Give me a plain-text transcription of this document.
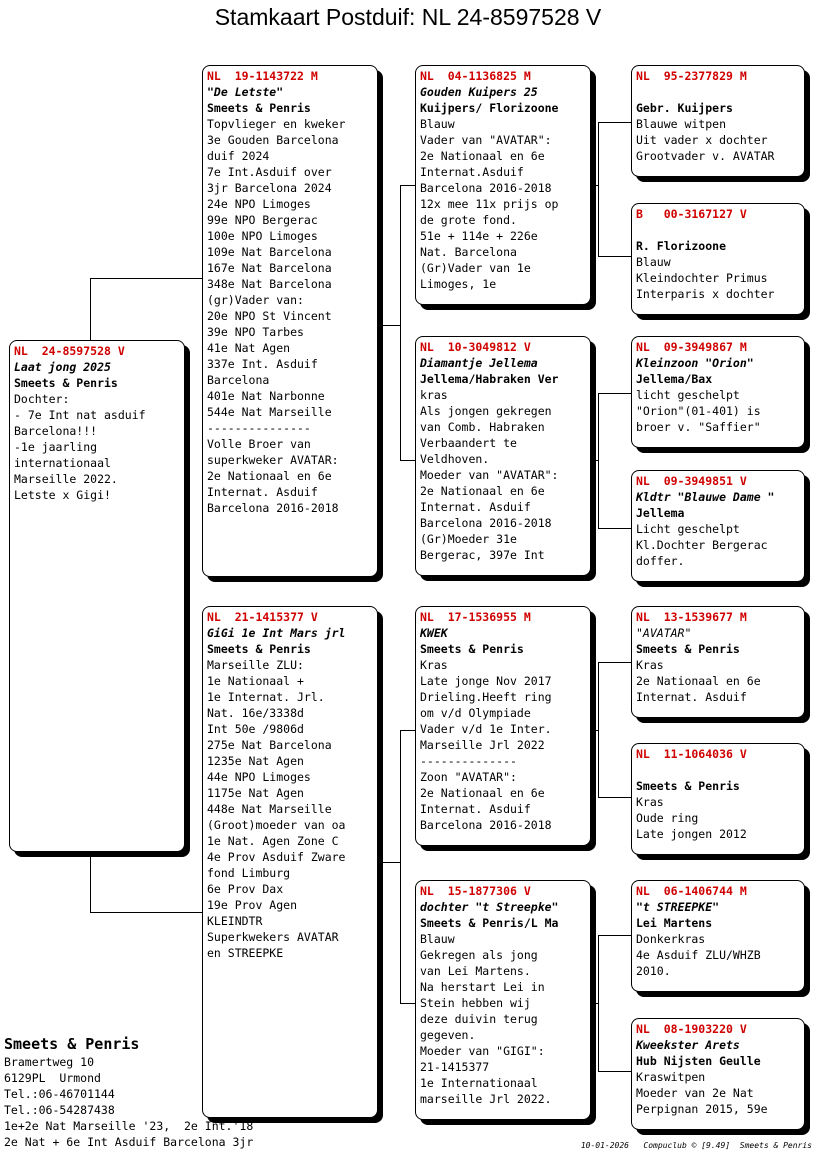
Stamkaart Postduif: NL 24-8597528 V
NL  24-8597528 V
Laat jong 2025
Smeets & Penris
Dochter:
- 7e Int nat asduif
Barcelona!!!
-1e jaarling
internationaal
Marseille 2022.
Letste x Gigi!
NL  19-1143722 M
"De Letste"
Smeets & Penris
Topvlieger en kweker
3e Gouden Barcelona
duif 2024
7e Int.Asduif over
3jr Barcelona 2024
24e NPO Limoges
99e NPO Bergerac
100e NPO Limoges
109e Nat Barcelona
167e Nat Barcelona
348e Nat Barcelona
(gr)Vader van:
20e NPO St Vincent
39e NPO Tarbes
41e Nat Agen
337e Int. Asduif
Barcelona
401e Nat Narbonne
544e Nat Marseille
---------------
Volle Broer van
superkweker AVATAR:
2e Nationaal en 6e
Internat. Asduif
Barcelona 2016-2018
NL  21-1415377 V
GiGi 1e Int Mars jrl
Smeets & Penris
Marseille ZLU:
1e Nationaal +
1e Internat. Jrl.
Nat. 16e/3338d
Int 50e /9806d
275e Nat Barcelona
1235e Nat Agen
44e NPO Limoges
1175e Nat Agen
448e Nat Marseille
(Groot)moeder van oa
1e Nat. Agen Zone C
4e Prov Asduif Zware
fond Limburg
6e Prov Dax
19e Prov Agen
KLEINDTR
Superkwekers AVATAR
en STREEPKE
NL  04-1136825 M
Gouden Kuipers 25
Kuijpers/ Florizoone
Blauw
Vader van "AVATAR":
2e Nationaal en 6e
Internat.Asduif
Barcelona 2016-2018
12x mee 11x prijs op
de grote fond.
51e + 114e + 226e
Nat. Barcelona
(Gr)Vader van 1e
Limoges, 1e
NL  10-3049812 V
Diamantje Jellema
Jellema/Habraken Ver
kras
Als jongen gekregen
van Comb. Habraken
Verbaandert te
Veldhoven.
Moeder van "AVATAR":
2e Nationaal en 6e
Internat. Asduif
Barcelona 2016-2018
(Gr)Moeder 31e
Bergerac, 397e Int
NL  17-1536955 M
KWEK
Smeets & Penris
Kras
Late jonge Nov 2017
Drieling.Heeft ring
om v/d Olympiade
Vader v/d 1e Inter.
Marseille Jrl 2022
--------------
Zoon "AVATAR":
2e Nationaal en 6e
Internat. Asduif
Barcelona 2016-2018
NL  15-1877306 V
dochter "t Streepke"
Smeets & Penris/L Ma
Blauw
Gekregen als jong
van Lei Martens.
Na herstart Lei in
Stein hebben wij
deze duivin terug
gegeven.
Moeder van "GIGI":
21-1415377
1e Internationaal
marseille Jrl 2022.
NL  95-2377829 M
Gebr. Kuijpers
Blauwe witpen
Uit vader x dochter
Grootvader v. AVATAR
B   00-3167127 V
R. Florizoone
Blauw
Kleindochter Primus
Interparis x dochter
NL  09-3949867 M
Kleinzoon "Orion"
Jellema/Bax
licht geschelpt
"Orion"(01-401) is
broer v. "Saffier"
NL  09-3949851 V
Kldtr "Blauwe Dame "
Jellema
Licht geschelpt
Kl.Dochter Bergerac
doffer.
NL  13-1539677 M
"AVATAR"
Smeets & Penris
Kras
2e Nationaal en 6e
Internat. Asduif
NL  11-1064036 V
Smeets & Penris
Kras
Oude ring
Late jongen 2012
NL  06-1406744 M
"t STREEPKE"
Lei Martens
Donkerkras
4e Asduif ZLU/WHZB
2010.
NL  08-1903220 V
Kweekster Arets
Hub Nijsten Geulle
Kraswitpen
Moeder van 2e Nat
Perpignan 2015, 59e
Smeets & Penris
Bramertweg 10
6129PL  Urmond
Tel.:06-46701144
Tel.:06-54287438
1e+2e Nat Marseille '23,  2e Int.'18
2e Nat + 6e Int Asduif Barcelona 3jr	10-01-2026   Compuclub © [9.49]  Smeets & Penris
